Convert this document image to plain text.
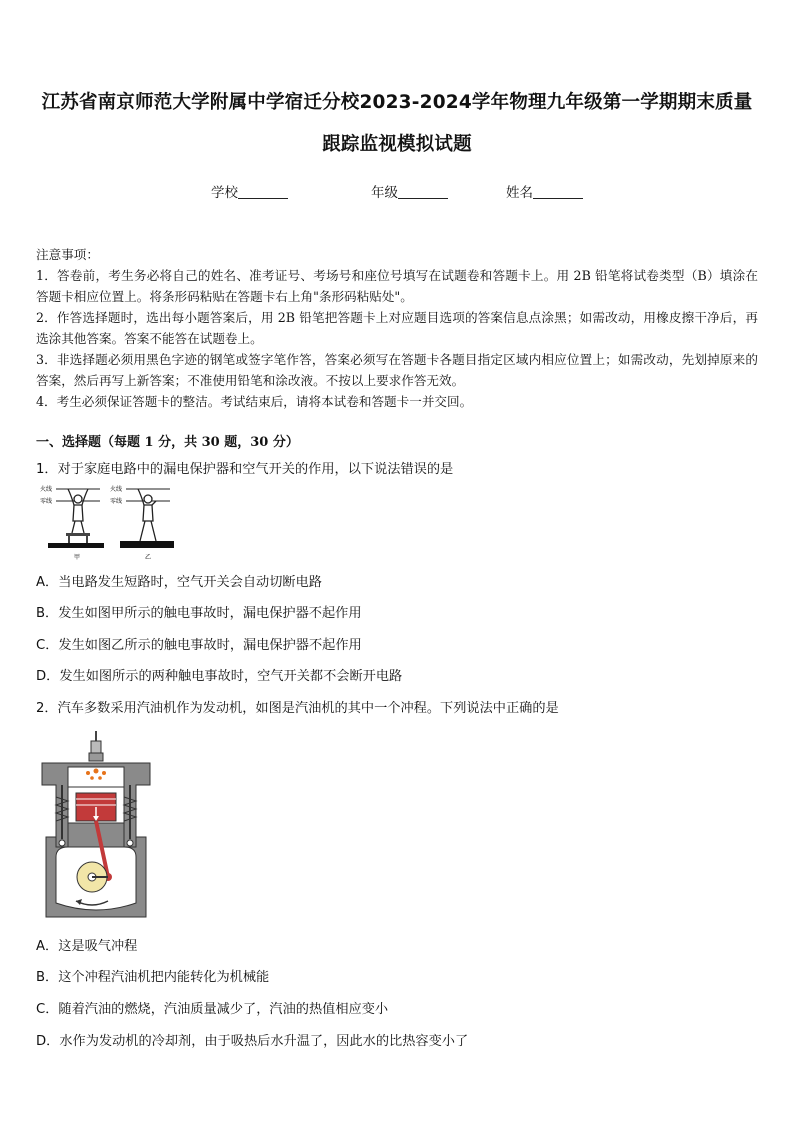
江苏省南京师范大学附属中学宿迁分校2023-2024学年物理九年级第一学期期末质量
跟踪监视模拟试题
学校	年级	姓名

注意事项：

1．答卷前，考生务必将自己的姓名、准考证号、考场号和座位号填写在试题卷和答题卡上。用 2B 铅笔将试卷类型（B）填涂在答题卡相应位置上。将条形码粘贴在答题卡右上角"条形码粘贴处"。

2．作答选择题时，选出每小题答案后，用 2B 铅笔把答题卡上对应题目选项的答案信息点涂黑；如需改动，用橡皮擦干净后，再选涂其他答案。答案不能答在试题卷上。

3．非选择题必须用黑色字迹的钢笔或签字笔作答，答案必须写在答题卡各题目指定区域内相应位置上；如需改动，先划掉原来的答案，然后再写上新答案；不准使用铅笔和涂改液。不按以上要求作答无效。

4．考生必须保证答题卡的整洁。考试结束后，请将本试卷和答题卡一并交回。

一、选择题（每题 1 分，共 30 题，30 分）
1．对于家庭电路中的漏电保护器和空气开关的作用，以下说法错误的是
火线
零线
甲
火线
零线
乙
A．当电路发生短路时，空气开关会自动切断电路
B．发生如图甲所示的触电事故时，漏电保护器不起作用
C．发生如图乙所示的触电事故时，漏电保护器不起作用
D．发生如图所示的两种触电事故时，空气开关都不会断开电路
2．汽车多数采用汽油机作为发动机，如图是汽油机的其中一个冲程。下列说法中正确的是
A．这是吸气冲程
B．这个冲程汽油机把内能转化为机械能
C．随着汽油的燃烧，汽油质量减少了，汽油的热值相应变小
D．水作为发动机的冷却剂，由于吸热后水升温了，因此水的比热容变小了
